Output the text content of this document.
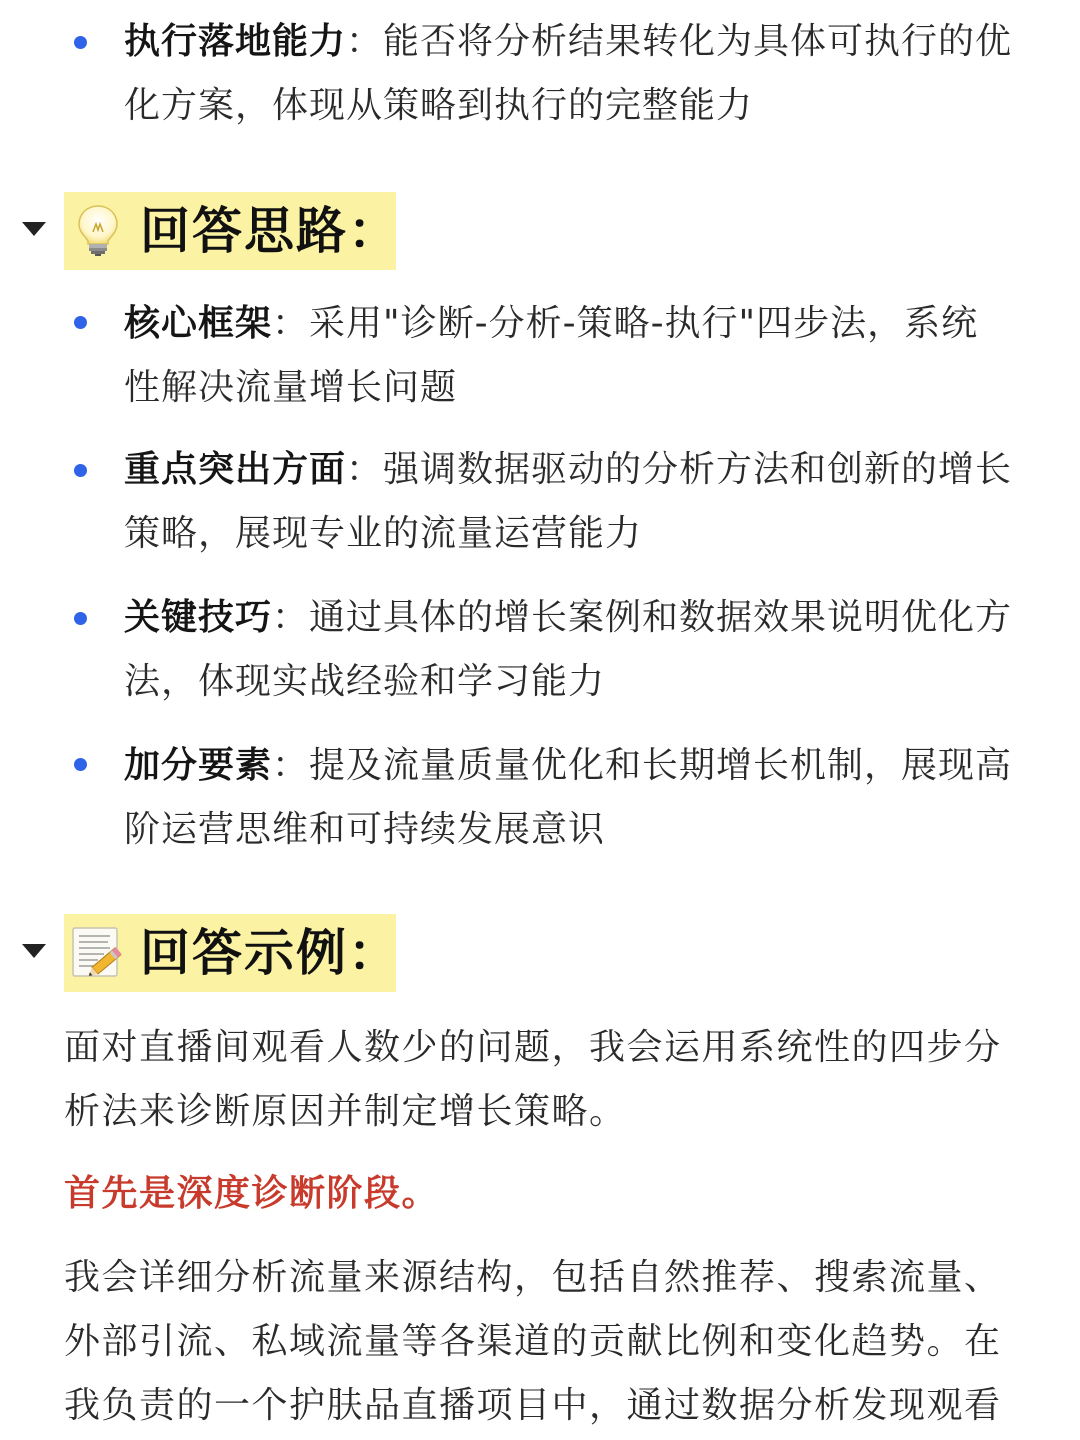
执行落地能力：能否将分析结果转化为具体可执行的优化方案，体现从策略到执行的完整能力
回答思路：
核心框架：采用"诊断-分析-策略-执行"四步法，系统性解决流量增长问题
重点突出方面：强调数据驱动的分析方法和创新的增长策略，展现专业的流量运营能力
关键技巧：通过具体的增长案例和数据效果说明优化方法，体现实战经验和学习能力
加分要素：提及流量质量优化和长期增长机制，展现高阶运营思维和可持续发展意识
回答示例：
面对直播间观看人数少的问题，我会运用系统性的四步分析法来诊断原因并制定增长策略。
首先是深度诊断阶段。
我会详细分析流量来源结构，包括自然推荐、搜索流量、外部引流、私域流量等各渠道的贡献比例和变化趋势。在我负责的一个护肤品直播项目中，通过数据分析发现观看
